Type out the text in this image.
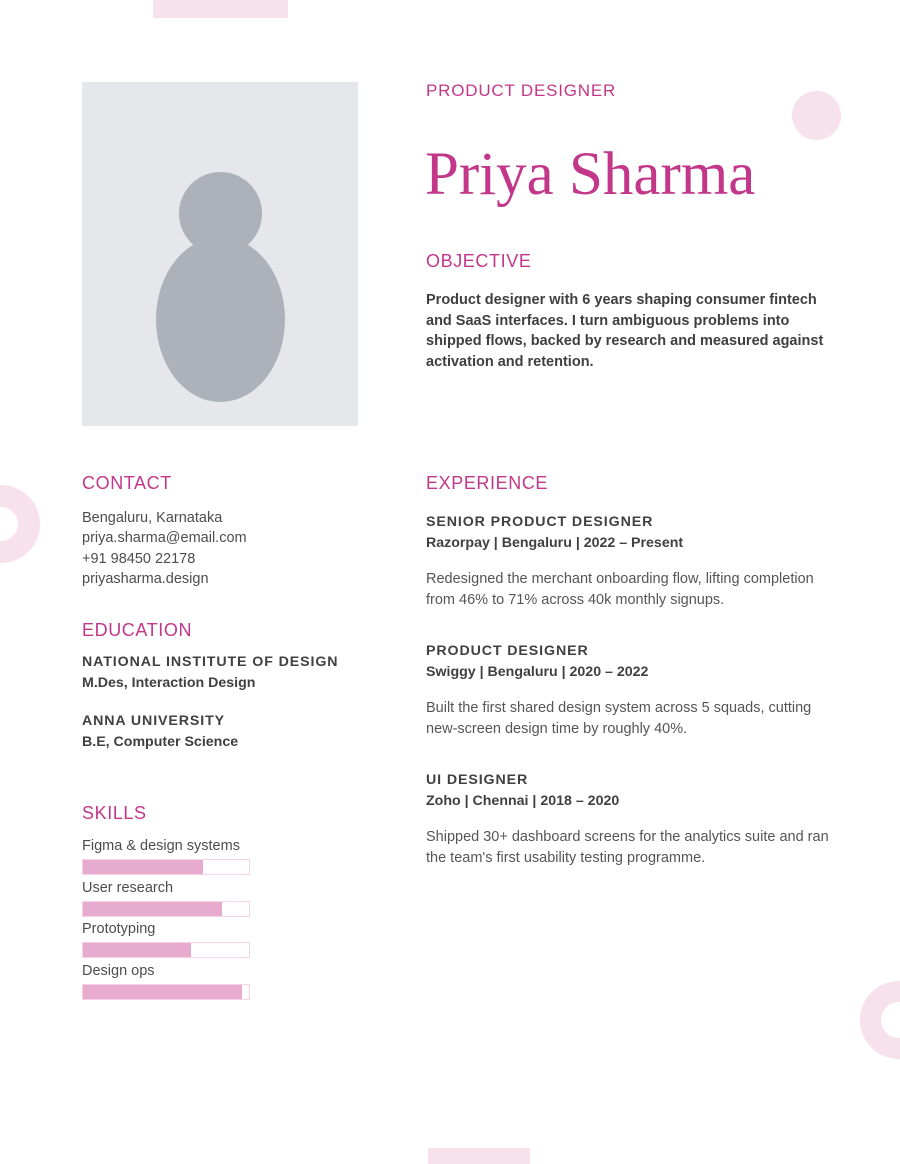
PRODUCT DESIGNER
Priya Sharma
OBJECTIVE

Product designer with 6 years shaping consumer fintech and SaaS interfaces. I turn ambiguous problems into shipped flows, backed by research and measured against activation and retention.

CONTACT
Bengaluru, Karnataka
priya.sharma@email.com
+91 98450 22178
priyasharma.design
EDUCATION
NATIONAL INSTITUTE OF DESIGN
M.Des, Interaction Design
ANNA UNIVERSITY
B.E, Computer Science
SKILLS
Figma & design systems
User research
Prototyping
Design ops
EXPERIENCE
SENIOR PRODUCT DESIGNER
Razorpay | Bengaluru | 2022 – Present
Redesigned the merchant onboarding flow, lifting completion from 46% to 71% across 40k monthly signups.
PRODUCT DESIGNER
Swiggy | Bengaluru | 2020 – 2022
Built the first shared design system across 5 squads, cutting new-screen design time by roughly 40%.
UI DESIGNER
Zoho | Chennai | 2018 – 2020
Shipped 30+ dashboard screens for the analytics suite and ran the team's first usability testing programme.
